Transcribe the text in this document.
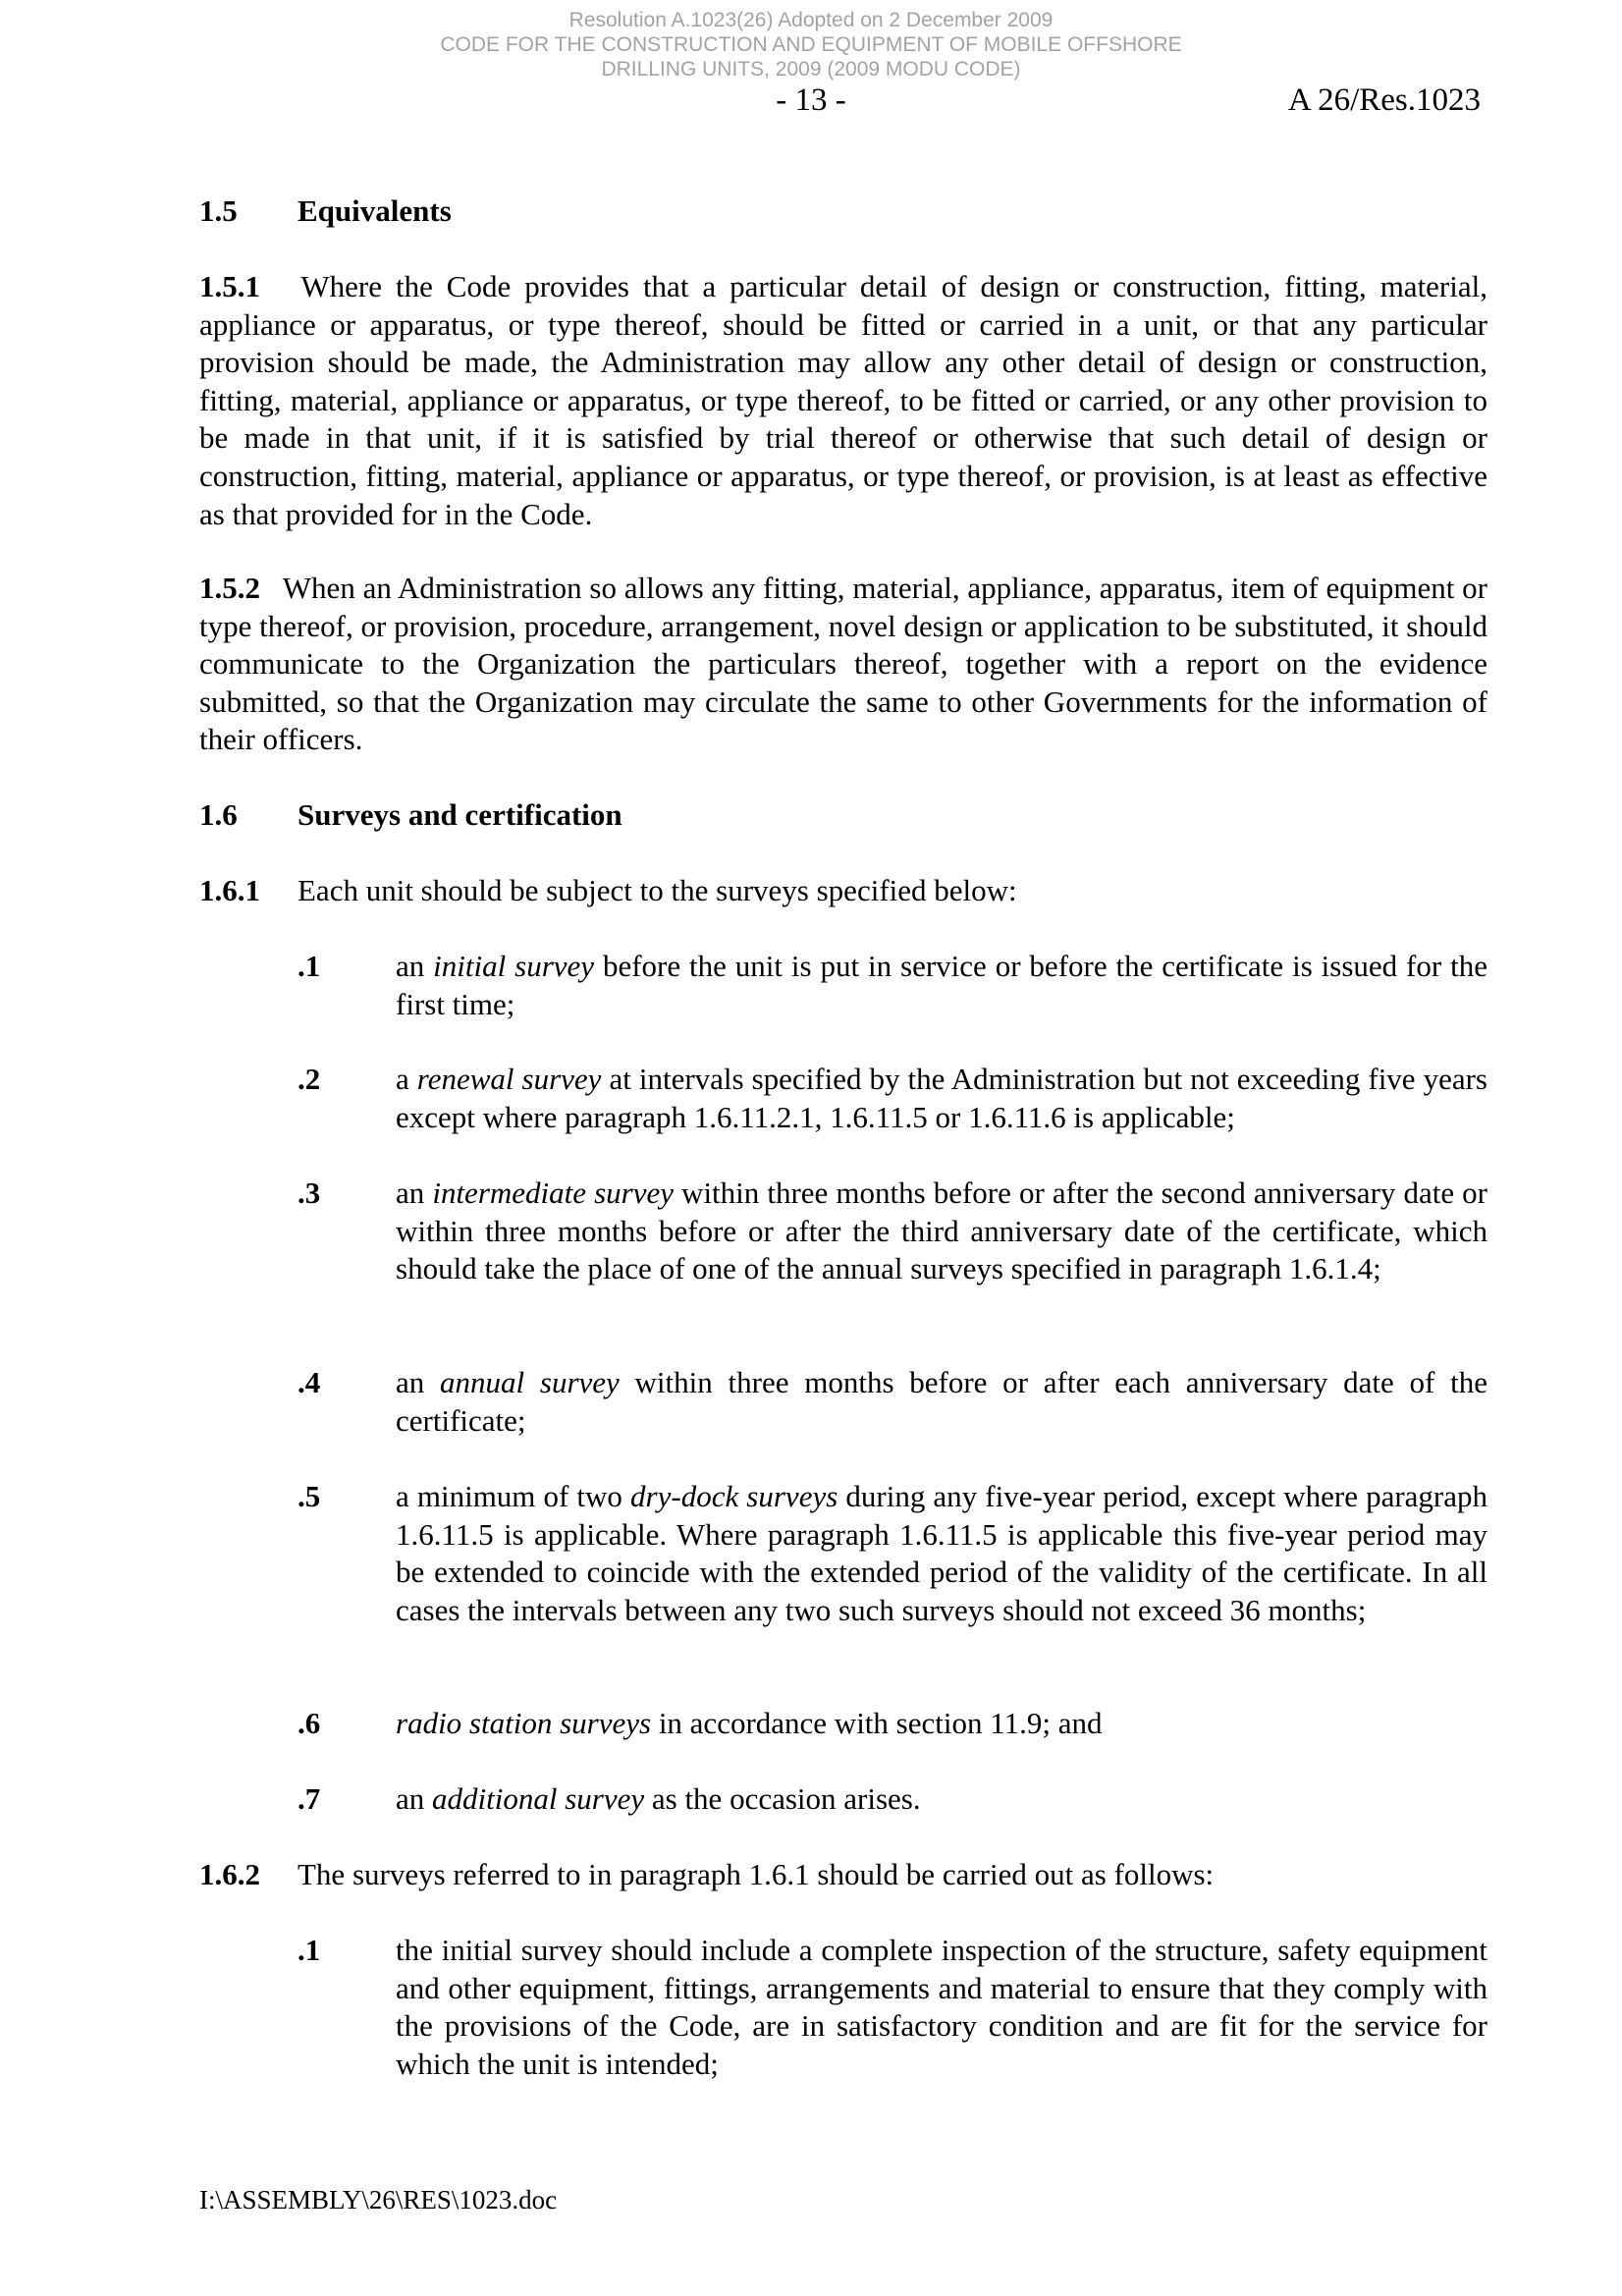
Resolution A.1023(26) Adopted on 2 December 2009
CODE FOR THE CONSTRUCTION AND EQUIPMENT OF MOBILE OFFSHORE
DRILLING UNITS, 2009 (2009 MODU CODE)
- 13 -	A 26/Res.1023
1.5 Equivalents
1.5.1 Where the Code provides that a particular detail of design or construction, fitting, material, appliance or apparatus, or type thereof, should be fitted or carried in a unit, or that any particular provision should be made, the Administration may allow any other detail of design or construction, fitting, material, appliance or apparatus, or type thereof, to be fitted or carried, or any other provision to be made in that unit, if it is satisfied by trial thereof or otherwise that such detail of design or construction, fitting, material, appliance or apparatus, or type thereof, or provision, is at least as effective as that provided for in the Code.
1.5.2 When an Administration so allows any fitting, material, appliance, apparatus, item of equipment or type thereof, or provision, procedure, arrangement, novel design or application to be substituted, it should communicate to the Organization the particulars thereof, together with a report on the evidence submitted, so that the Organization may circulate the same to other Governments for the information of their officers.
1.6 Surveys and certification
1.6.1 Each unit should be subject to the surveys specified below:
.1 an initial survey before the unit is put in service or before the certificate is issued for the first time;
.2 a renewal survey at intervals specified by the Administration but not exceeding five years except where paragraph 1.6.11.2.1, 1.6.11.5 or 1.6.11.6 is applicable;
.3 an intermediate survey within three months before or after the second anniversary date or within three months before or after the third anniversary date of the certificate, which should take the place of one of the annual surveys specified in paragraph 1.6.1.4;
.4 an annual survey within three months before or after each anniversary date of the certificate;
.5 a minimum of two dry-dock surveys during any five-year period, except where paragraph 1.6.11.5 is applicable. Where paragraph 1.6.11.5 is applicable this five-year period may be extended to coincide with the extended period of the validity of the certificate. In all cases the intervals between any two such surveys should not exceed 36 months;
.6 radio station surveys in accordance with section 11.9; and
.7 an additional survey as the occasion arises.
1.6.2 The surveys referred to in paragraph 1.6.1 should be carried out as follows:
.1 the initial survey should include a complete inspection of the structure, safety equipment and other equipment, fittings, arrangements and material to ensure that they comply with the provisions of the Code, are in satisfactory condition and are fit for the service for which the unit is intended;
I:\ASSEMBLY\26\RES\1023.doc
